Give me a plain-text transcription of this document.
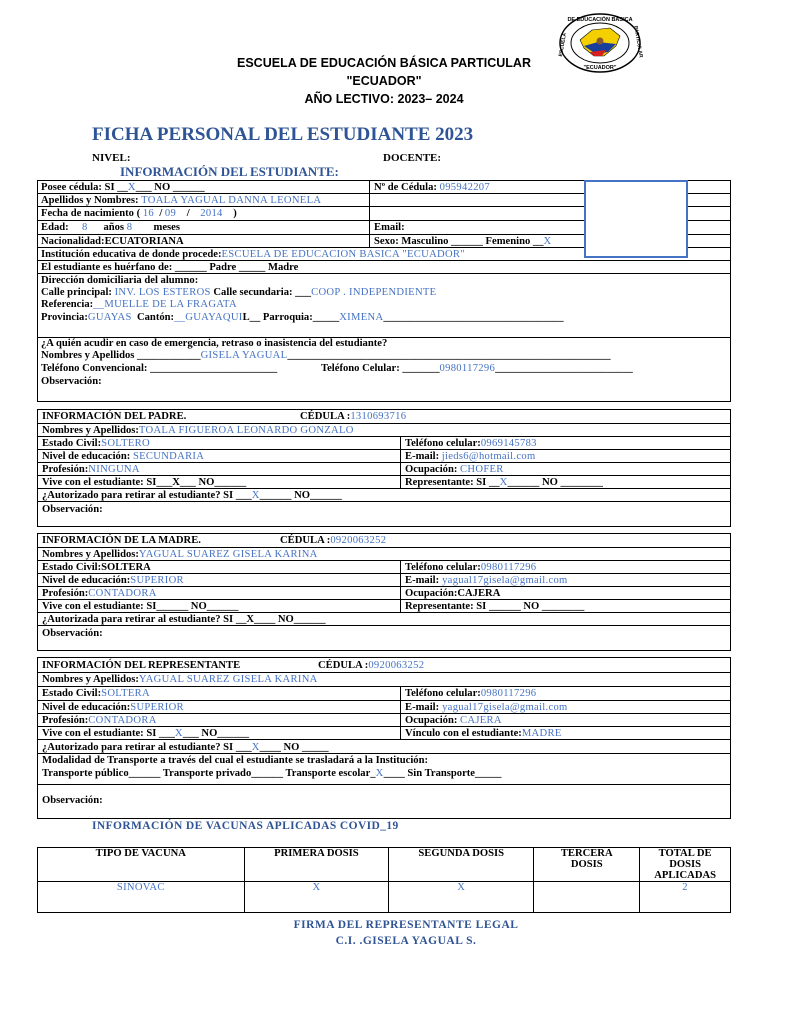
ESCUELA DE EDUCACIÓN BÁSICA PARTICULAR
"ECUADOR"
AÑO LECTIVO: 2023– 2024
DE EDUCACIÓN BÁSICA
ESCUELA	PARTICULAR
"ECUADOR"
FICHA PERSONAL DEL ESTUDIANTE 2023
NIVEL:	DOCENTE:
INFORMACIÓN DEL ESTUDIANTE:
Posee cédula: SI __X___ NO ______	Nº de Cédula: 095942207
Apellidos y Nombres: TOALA YAGUAL DANNA LEONELA
Fecha de nacimiento ( 16  / 09    /    2014 )
Edad: 8 años 8 meses	Email:
Nacionalidad:ECUATORIANA	Sexo: Masculino ______ Femenino __X
Institución educativa de donde procede:ESCUELA DE EDUCACION BASICA "ECUADOR"
El estudiante es huérfano de: ______ Padre _____ Madre
Dirección domiciliaria del alumno:
Calle principal: INV. LOS ESTEROS Calle secundaria: ___COOP . INDEPENDIENTE
Referencia:__MUELLE DE LA FRAGATA
Provincia:GUAYAS Cantón:__GUAYAQUIL__ Parroquia:_____XIMENA__________________________________
¿A quién acudir en caso de emergencia, retraso o inasistencia del estudiante?
Nombres y Apellidos ____________GISELA YAGUAL_____________________________________________________________
Teléfono Convencional: ________________________	Teléfono Celular: _______0980117296__________________________
Observación:
INFORMACIÓN DEL PADRE.	CÉDULA :1310693716
Nombres y Apellidos:TOALA FIGUEROA LEONARDO GONZALO
Estado Civil:SOLTERO	Teléfono celular:0969145783
Nivel de educación: SECUNDARIA	E-mail: jieds6@hotmail.com
Profesión:NINGUNA	Ocupación: CHOFER
Vive con el estudiante: SI___X___ NO______	Representante: SI __X______ NO ________
¿Autorizado para retirar al estudiante? SI ___X______ NO______
Observación:
INFORMACIÓN DE LA MADRE.	CÉDULA :0920063252
Nombres y Apellidos:YAGUAL SUAREZ GISELA KARINA
Estado Civil:SOLTERA	Teléfono celular:0980117296
Nivel de educación:SUPERIOR	E-mail: yagual17gisela@gmail.com
Profesión:CONTADORA	Ocupación:CAJERA
Vive con el estudiante: SI______ NO______	Representante: SI ______ NO ________
¿Autorizada para retirar al estudiante? SI __X____ NO______
Observación:
INFORMACIÓN DEL REPRESENTANTE	CÉDULA :0920063252
Nombres y Apellidos:YAGUAL SUAREZ GISELA KARINA
Estado Civil:SOLTERA	Teléfono celular:0980117296
Nivel de educación:SUPERIOR	E-mail: yagual17gisela@gmail.com
Profesión:CONTADORA	Ocupación: CAJERA
Vive con el estudiante: SI ___X___ NO______	Vínculo con el estudiante:MADRE
¿Autorizado para retirar al estudiante? SI ___X____ NO _____
Modalidad de Transporte a través del cual el estudiante se trasladará a la Institución:
Transporte público______ Transporte privado______ Transporte escolar_X____ Sin Transporte_____
Observación:
INFORMACIÓN DE VACUNAS APLICADAS COVID_19
TIPO DE VACUNA	PRIMERA DOSIS	SEGUNDA DOSIS	TERCERA DOSIS	TOTAL DE DOSIS APLICADAS
SINOVAC	X	X		2
FIRMA DEL REPRESENTANTE LEGAL
C.I. .GISELA YAGUAL S.
